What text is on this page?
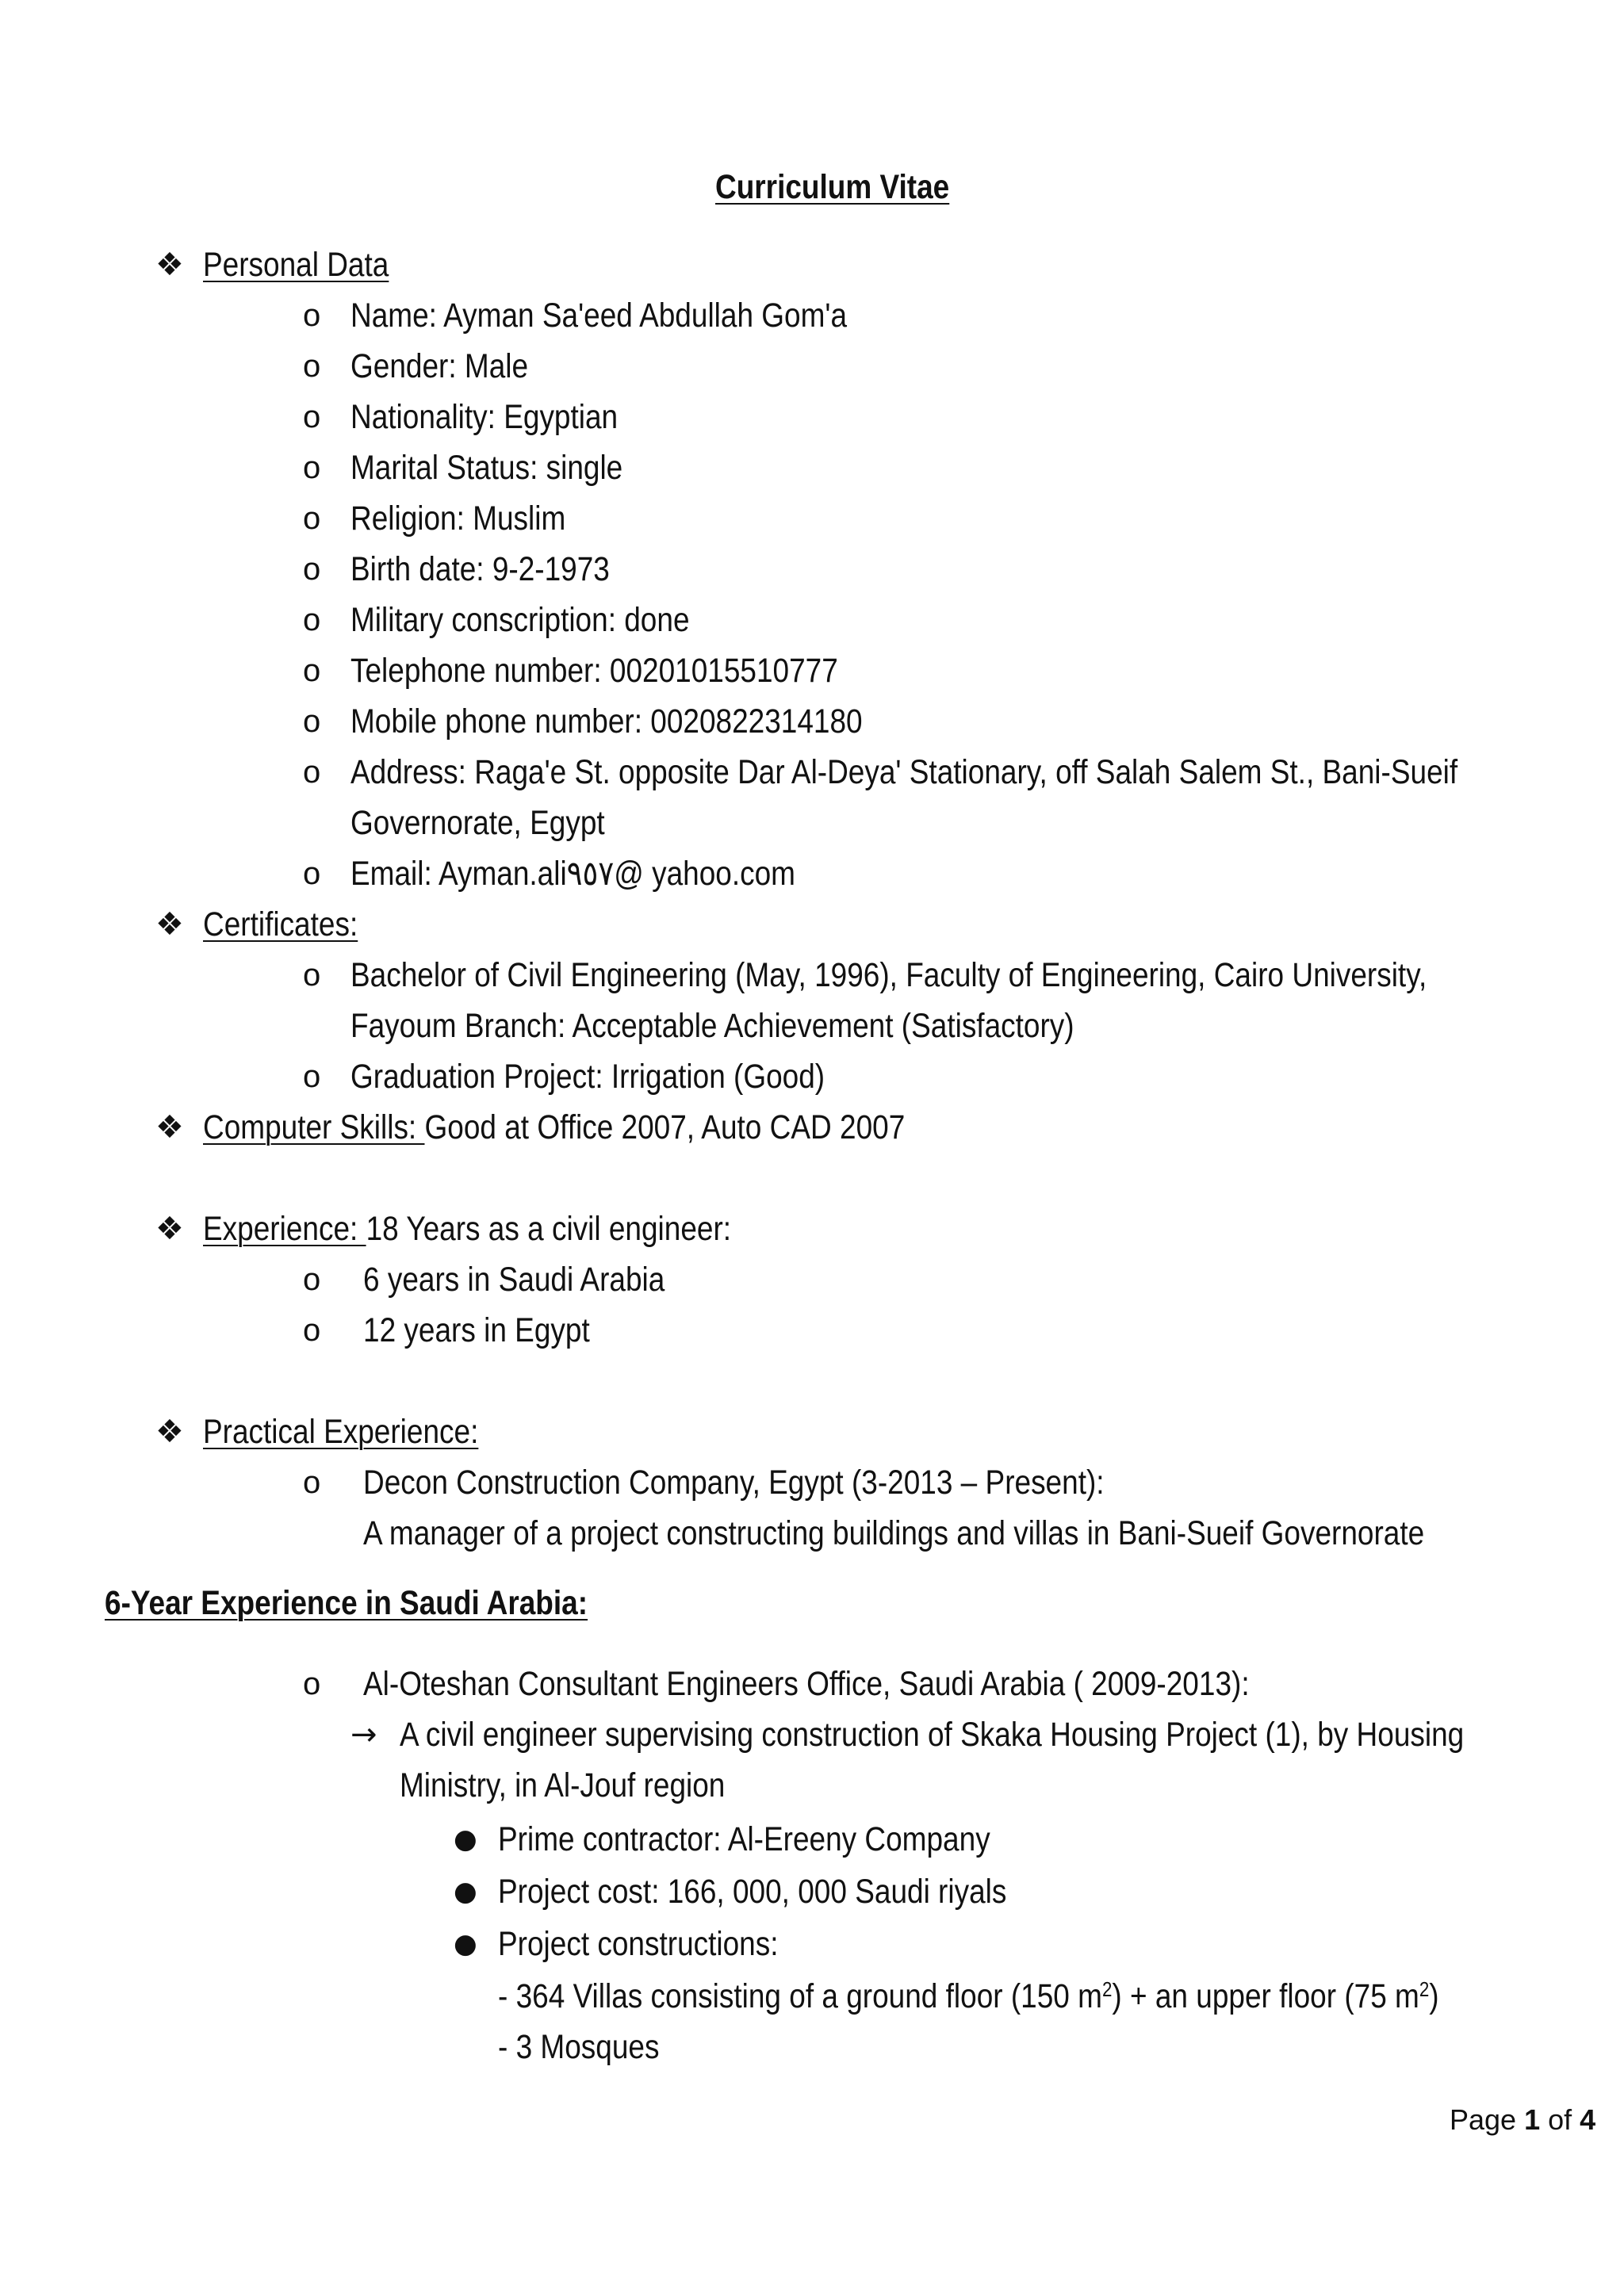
Curriculum Vitae
❖ Personal Data
o Name: Ayman Sa'eed Abdullah Gom'a
o Gender: Male
o Nationality: Egyptian
o Marital Status: single
o Religion: Muslim
o Birth date: 9-2-1973
o Military conscription: done
o Telephone number: 00201015510777
o Mobile phone number: 0020822314180
o Address: Raga'e St. opposite Dar Al-Deya' Stationary, off Salah Salem St., Bani-Sueif
Governorate, Egypt
o Email: Ayman.ali٩٥٧@ yahoo.com
❖ Certificates:
o Bachelor of Civil Engineering (May, 1996), Faculty of Engineering, Cairo University,
Fayoum Branch: Acceptable Achievement (Satisfactory)
o Graduation Project: Irrigation (Good)
❖ Computer Skills: Good at Office 2007, Auto CAD 2007
❖ Experience: 18 Years as a civil engineer:
o 6 years in Saudi Arabia
o 12 years in Egypt
❖ Practical Experience:
o Decon Construction Company, Egypt (3-2013 – Present):
A manager of a project constructing buildings and villas in Bani-Sueif Governorate
6-Year Experience in Saudi Arabia:
o Al-Oteshan Consultant Engineers Office, Saudi Arabia ( 2009-2013):
→ A civil engineer supervising construction of Skaka Housing Project (1), by Housing
Ministry, in Al-Jouf region
● Prime contractor: Al-Ereeny Company
● Project cost: 166, 000, 000 Saudi riyals
● Project constructions:
- 364 Villas consisting of a ground floor (150 $m^2$) + an upper floor (75 $m^2$)
- 3 Mosques
Page 1 of 4
